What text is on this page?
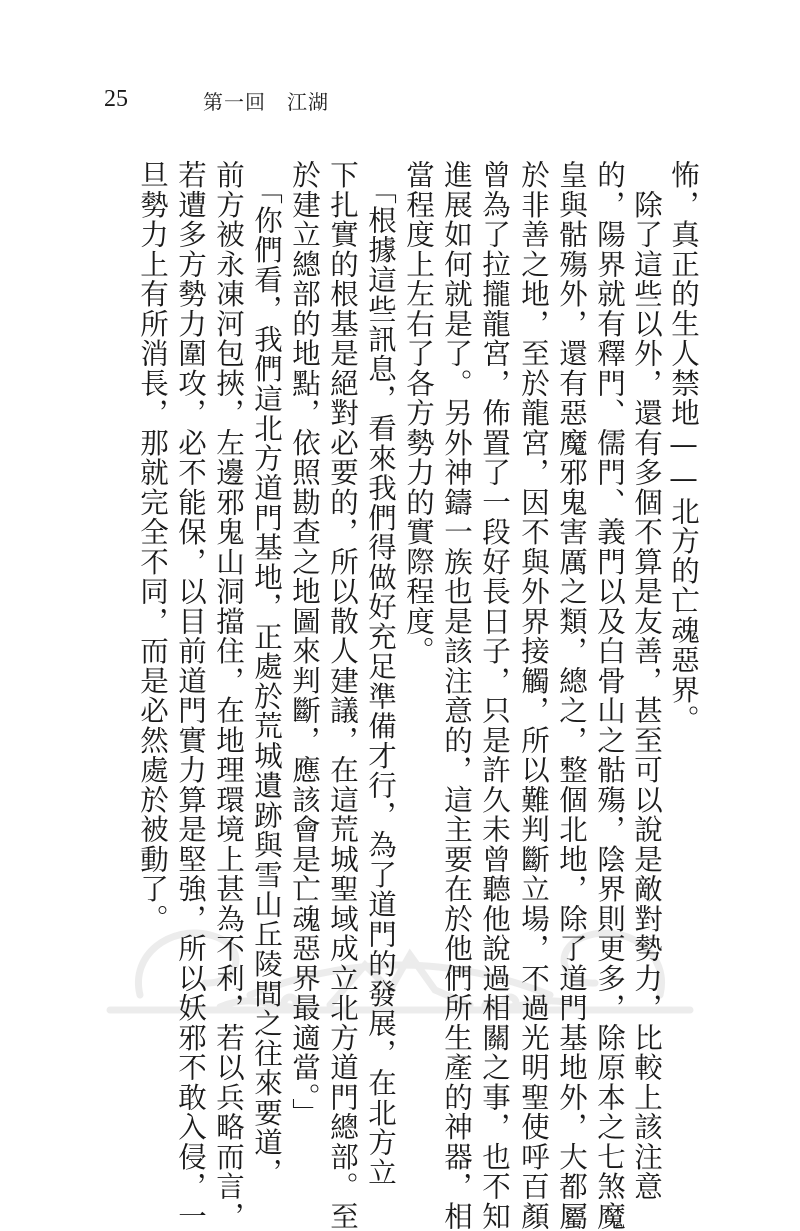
25	第一回　江湖
怖，真正的生人禁地——北方的亡魂惡界。
　除了這些以外，還有多個不算是友善，甚至可以說是敵對勢力，比較上該注意
的，陽界就有釋門、儒門、義門以及白骨山之骷殤，陰界則更多，除原本之七煞魔
皇與骷殤外，還有惡魔邪鬼害厲之類，總之，整個北地，除了道門基地外，大都屬
於非善之地，至於龍宮，因不與外界接觸，所以難判斷立場，不過光明聖使呼百顏
曾為了拉攏龍宮，佈置了一段好長日子，只是許久未曾聽他說過相關之事，也不知
進展如何就是了。另外神鑄一族也是該注意的，這主要在於他們所生產的神器，相
當程度上左右了各方勢力的實際程度。
　「根據這些訊息，看來我們得做好充足準備才行，為了道門的發展，在北方立
下扎實的根基是絕對必要的，所以散人建議，在這荒城聖域成立北方道門總部。至
於建立總部的地點，依照勘查之地圖來判斷，應該會是亡魂惡界最適當。」
　「你們看，我們這北方道門基地，正處於荒城遺跡與雪山丘陵間之往來要道，
前方被永凍河包挾，左邊邪鬼山洞擋住，在地理環境上甚為不利，若以兵略而言，
若遭多方勢力圍攻，必不能保，以目前道門實力算是堅強，所以妖邪不敢入侵，一
旦勢力上有所消長，那就完全不同，而是必然處於被動了。
